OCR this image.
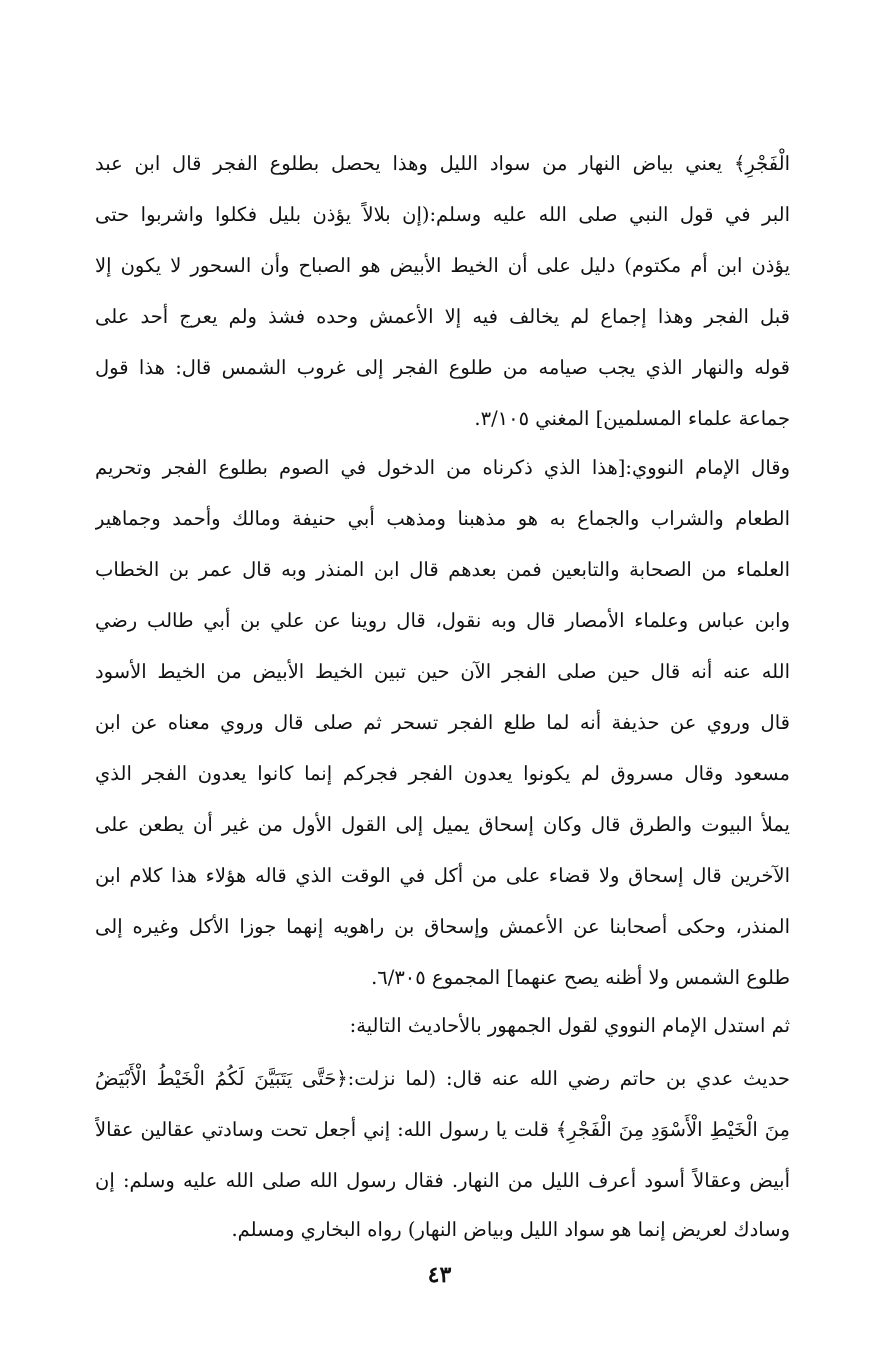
الْفَجْرِ﴾ يعني بياض النهار من سواد الليل وهذا يحصل بطلوع الفجر قال ابن عبد
البر في قول النبي صلى الله عليه وسلم:(إن بلالاً يؤذن بليل فكلوا واشربوا حتى
يؤذن ابن أم مكتوم) دليل على أن الخيط الأبيض هو الصباح وأن السحور لا يكون إلا
قبل الفجر وهذا إجماع لم يخالف فيه إلا الأعمش وحده فشذ ولم يعرج أحد على
قوله والنهار الذي يجب صيامه من طلوع الفجر إلى غروب الشمس قال: هذا قول
جماعة علماء المسلمين] المغني ٣/١٠٥.
وقال الإمام النووي:[هذا الذي ذكرناه من الدخول في الصوم بطلوع الفجر وتحريم
الطعام والشراب والجماع به هو مذهبنا ومذهب أبي حنيفة ومالك وأحمد وجماهير
العلماء من الصحابة والتابعين فمن بعدهم قال ابن المنذر وبه قال عمر بن الخطاب
وابن عباس وعلماء الأمصار قال وبه نقول، قال روينا عن علي بن أبي طالب رضي
الله عنه أنه قال حين صلى الفجر الآن حين تبين الخيط الأبيض من الخيط الأسود
قال وروي عن حذيفة أنه لما طلع الفجر تسحر ثم صلى قال وروي معناه عن ابن
مسعود وقال مسروق لم يكونوا يعدون الفجر فجركم إنما كانوا يعدون الفجر الذي
يملأ البيوت والطرق قال وكان إسحاق يميل إلى القول الأول من غير أن يطعن على
الآخرين قال إسحاق ولا قضاء على من أكل في الوقت الذي قاله هؤلاء هذا كلام ابن
المنذر، وحكى أصحابنا عن الأعمش وإسحاق بن راهويه إنهما جوزا الأكل وغيره إلى
طلوع الشمس ولا أظنه يصح عنهما] المجموع ٦/٣٠٥.
ثم استدل الإمام النووي لقول الجمهور بالأحاديث التالية:
حديث عدي بن حاتم رضي الله عنه قال: (لما نزلت:﴿حَتَّى يَتَبَيَّنَ لَكُمُ الْخَيْطُ الْأَبْيَضُ
مِنَ الْخَيْطِ الْأَسْوَدِ مِنَ الْفَجْرِ﴾ قلت يا رسول الله: إني أجعل تحت وسادتي عقالين عقالاً
أبيض وعقالاً أسود أعرف الليل من النهار. فقال رسول الله صلى الله عليه وسلم: إن
وسادك لعريض إنما هو سواد الليل وبياض النهار) رواه البخاري ومسلم.
٤٣
